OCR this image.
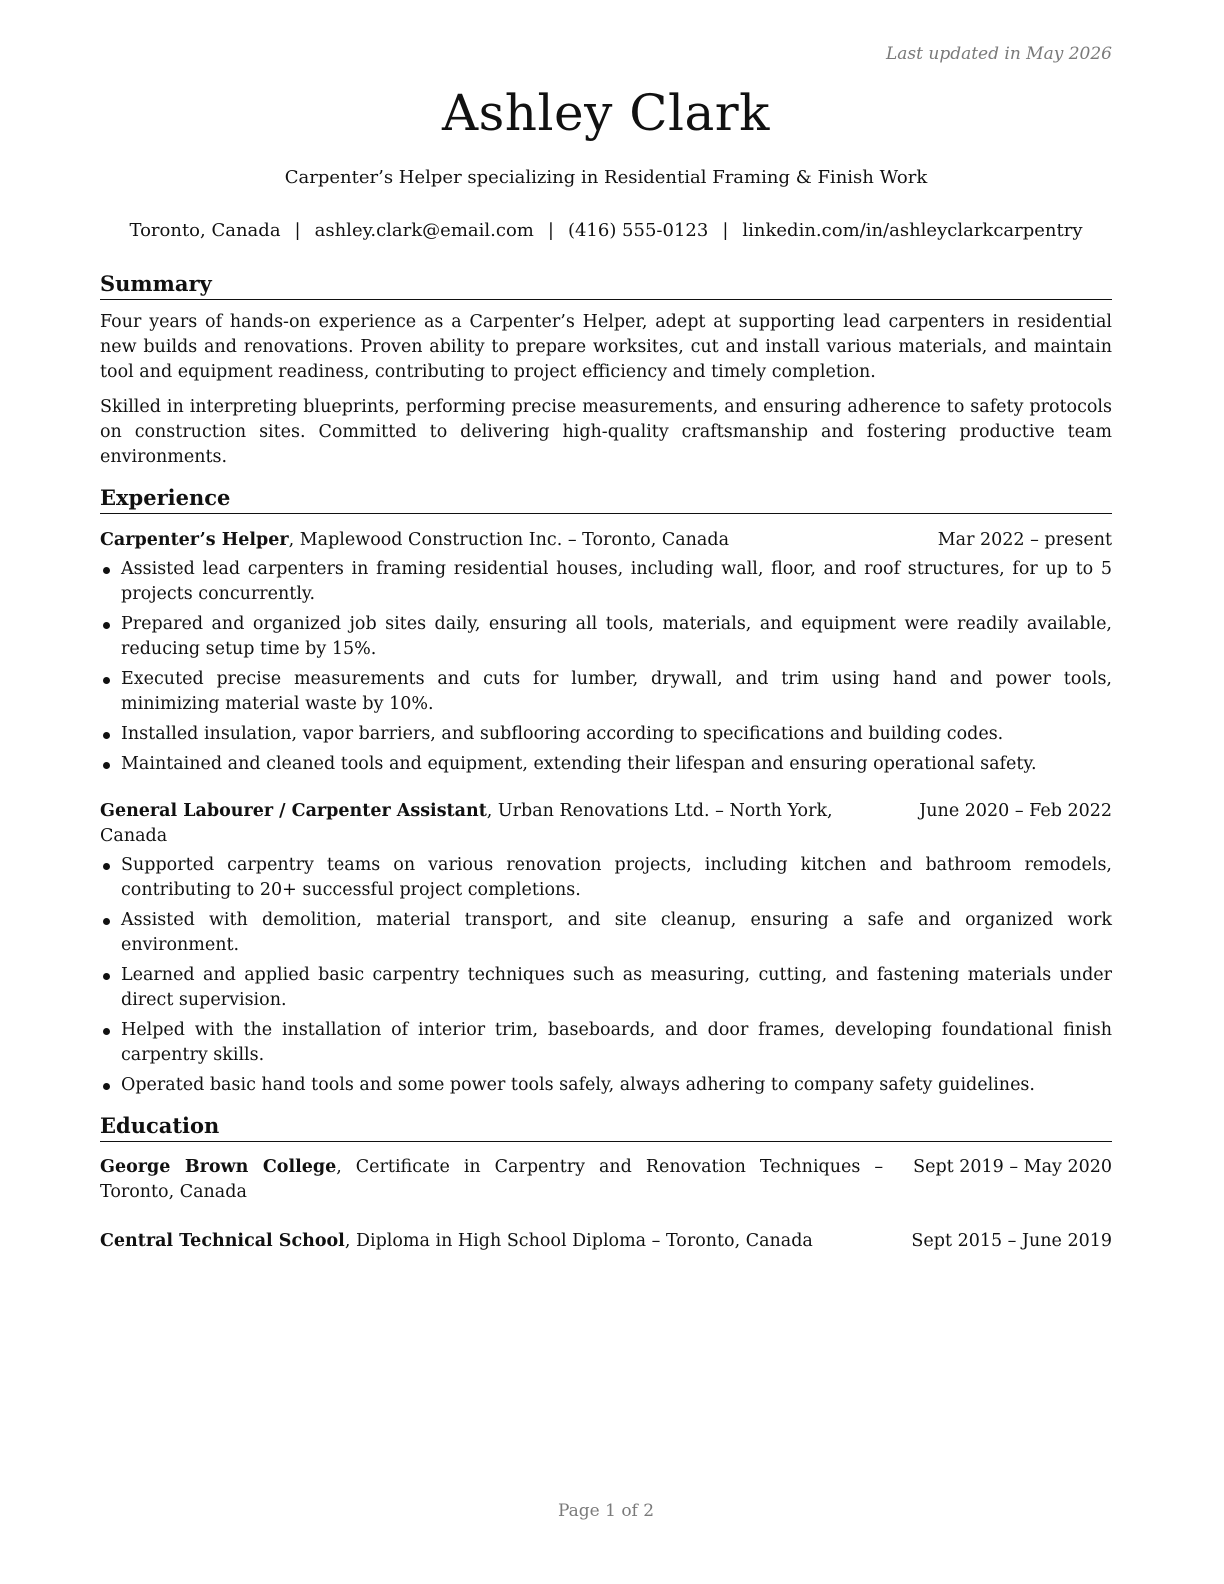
Last updated in May 2026
Ashley Clark
Carpenter’s Helper specializing in Residential Framing & Finish Work
Toronto, Canada | ashley.clark@email.com | (416) 555-0123 | linkedin.com/in/ashleyclarkcarpentry
Summary

Four years of hands-on experience as a Carpenter’s Helper, adept at supporting lead carpenters in residential new builds and renovations. Proven ability to prepare worksites, cut and install various materials, and maintain tool and equipment readiness, contributing to project efficiency and timely completion.

Skilled in interpreting blueprints, performing precise measurements, and ensuring adherence to safety protocols on construction sites. Committed to delivering high-quality craftsmanship and fostering productive team environments.

Experience
Carpenter’s Helper, Maplewood Construction Inc. – Toronto, Canada	Mar 2022 – present
Assisted lead carpenters in framing residential houses, including wall, floor, and roof structures, for up to 5 projects concurrently.
Prepared and organized job sites daily, ensuring all tools, materials, and equipment were readily available, reducing setup time by 15%.
Executed precise measurements and cuts for lumber, drywall, and trim using hand and power tools, minimizing material waste by 10%.
Installed insulation, vapor barriers, and subflooring according to specifications and building codes.
Maintained and cleaned tools and equipment, extending their lifespan and ensuring operational safety.
General Labourer / Carpenter Assistant, Urban Renovations Ltd. – North York, Canada
June 2020 – Feb 2022
Supported carpentry teams on various renovation projects, including kitchen and bathroom remodels, contributing to 20+ successful project completions.
Assisted with demolition, material transport, and site cleanup, ensuring a safe and organized work environment.
Learned and applied basic carpentry techniques such as measuring, cutting, and fastening materials under direct supervision.
Helped with the installation of interior trim, baseboards, and door frames, developing foundational finish carpentry skills.
Operated basic hand tools and some power tools safely, always adhering to company safety guidelines.
Education
George Brown College, Certificate in Carpentry and Renovation Techniques – Toronto, Canada
Sept 2019 – May 2020
Central Technical School, Diploma in High School Diploma – Toronto, Canada	Sept 2015 – June 2019
Page 1 of 2
